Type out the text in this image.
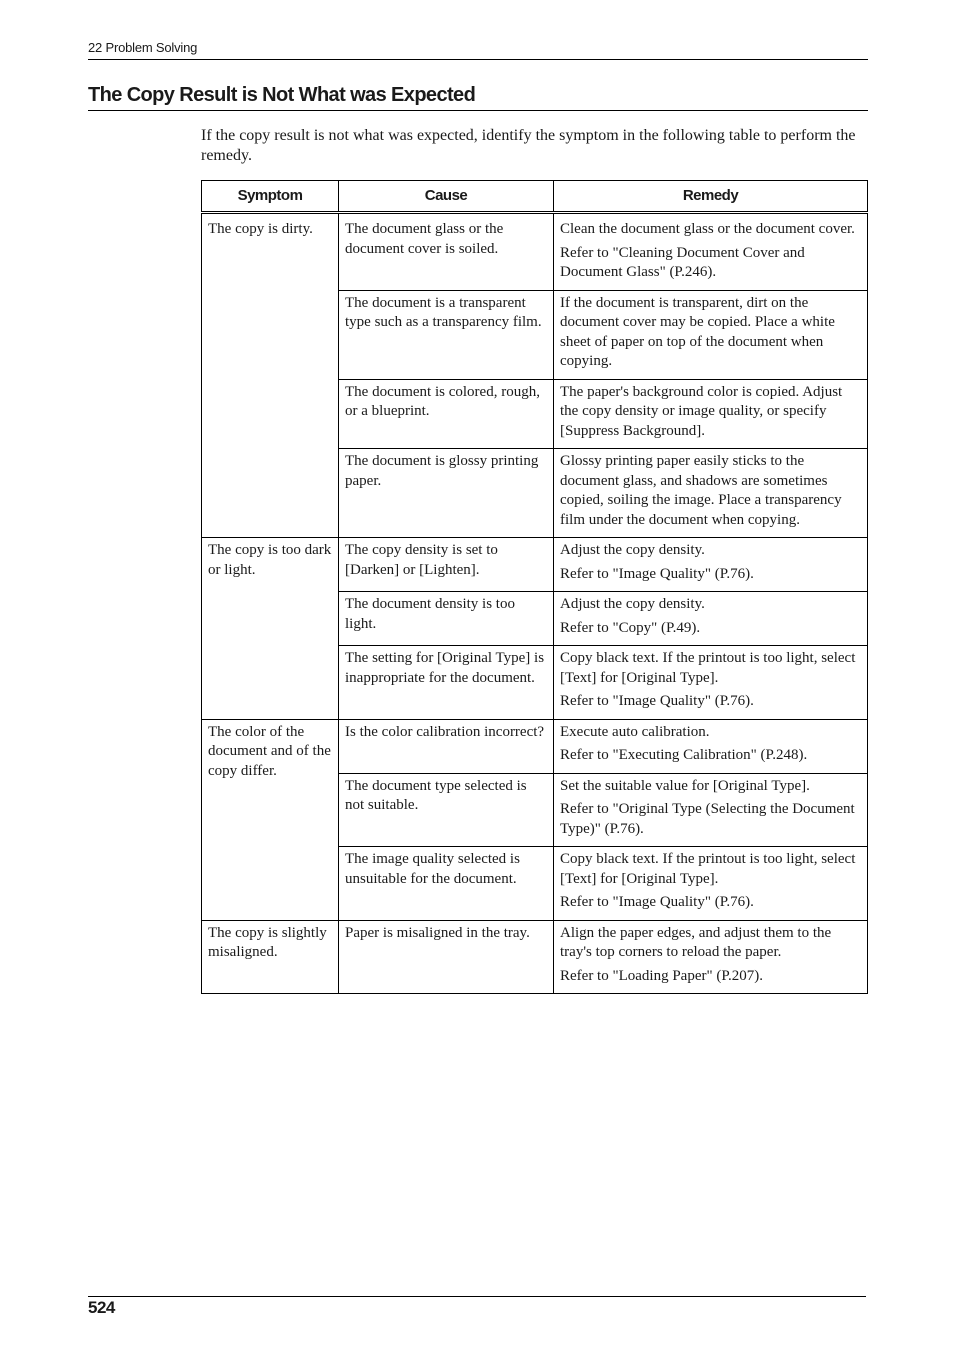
22 Problem Solving
The Copy Result is Not What was Expected
If the copy result is not what was expected, identify the symptom in the following table to perform the remedy.
Symptom	Cause	Remedy
The copy is dirty.	The document glass or the document cover is soiled.	Clean the document glass or the document cover.

Refer to "Cleaning Document Cover and Document Glass" (P.246).

	The document is a transparent type such as a transparency film.	If the document is transparent, dirt on the document cover may be copied. Place a white sheet of paper on top of the document when copying.

	The document is colored, rough, or a blueprint.	The paper's background color is copied. Adjust the copy density or image quality, or specify [Suppress Background].

	The document is glossy printing paper.	Glossy printing paper easily sticks to the document glass, and shadows are sometimes copied, soiling the image. Place a transparency film under the document when copying.

The copy is too dark or light.	The copy density is set to [Darken] or [Lighten].	Adjust the copy density.

Refer to "Image Quality" (P.76).

	The document density is too light.	Adjust the copy density.

Refer to "Copy" (P.49).

	The setting for [Original Type] is inappropriate for the document.	Copy black text. If the printout is too light, select [Text] for [Original Type].

Refer to "Image Quality" (P.76).

The color of the document and of the copy differ.	Is the color calibration incorrect?	Execute auto calibration.

Refer to "Executing Calibration" (P.248).

	The document type selected is not suitable.	Set the suitable value for [Original Type].

Refer to "Original Type (Selecting the Document Type)" (P.76).

	The image quality selected is unsuitable for the document.	Copy black text. If the printout is too light, select [Text] for [Original Type].

Refer to "Image Quality" (P.76).

The copy is slightly misaligned.	Paper is misaligned in the tray.	Align the paper edges, and adjust them to the tray's top corners to reload the paper.

Refer to "Loading Paper" (P.207).

524
